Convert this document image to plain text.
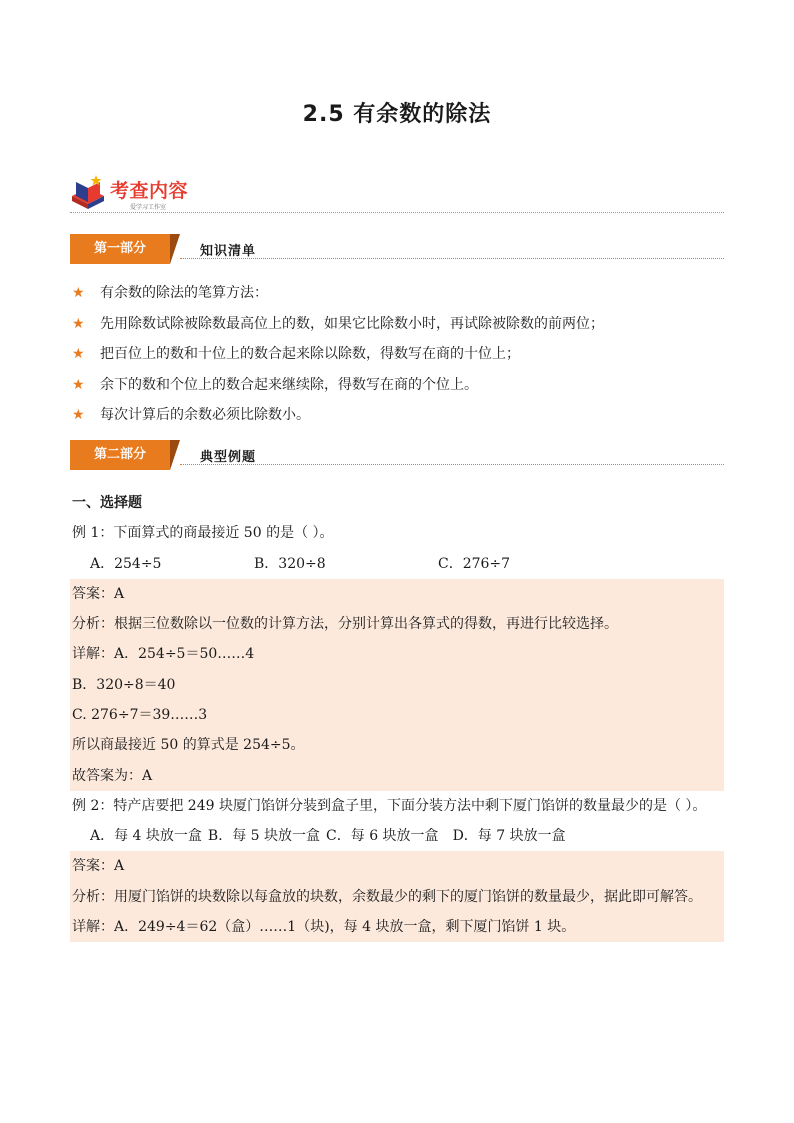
2.5 有余数的除法
考查内容
爱学习工作室
第一部分	知识清单
★ 有余数的除法的笔算方法：
★ 先用除数试除被除数最高位上的数，如果它比除数小时，再试除被除数的前两位；
★ 把百位上的数和十位上的数合起来除以除数，得数写在商的十位上；
★ 余下的数和个位上的数合起来继续除，得数写在商的个位上。
★ 每次计算后的余数必须比除数小。
第二部分	典型例题
一、选择题
例 1：下面算式的商最接近 50 的是（ ）。
A．254÷5	B．320÷8	C．276÷7
答案：A
分析：根据三位数除以一位数的计算方法，分别计算出各算式的得数，再进行比较选择。
详解：A．254÷5＝50……4
B．320÷8＝40
C. 276÷7＝39……3
所以商最接近 50 的算式是 254÷5。
故答案为：A
例 2：特产店要把 249 块厦门馅饼分装到盒子里，下面分装方法中剩下厦门馅饼的数量最少的是（ ）。
A．每 4 块放一盒 B．每 5 块放一盒 C．每 6 块放一盒 D．每 7 块放一盒
答案：A
分析：用厦门馅饼的块数除以每盒放的块数，余数最少的剩下的厦门馅饼的数量最少，据此即可解答。
详解：A．249÷4＝62（盒）……1（块)，每 4 块放一盒，剩下厦门馅饼 1 块。
